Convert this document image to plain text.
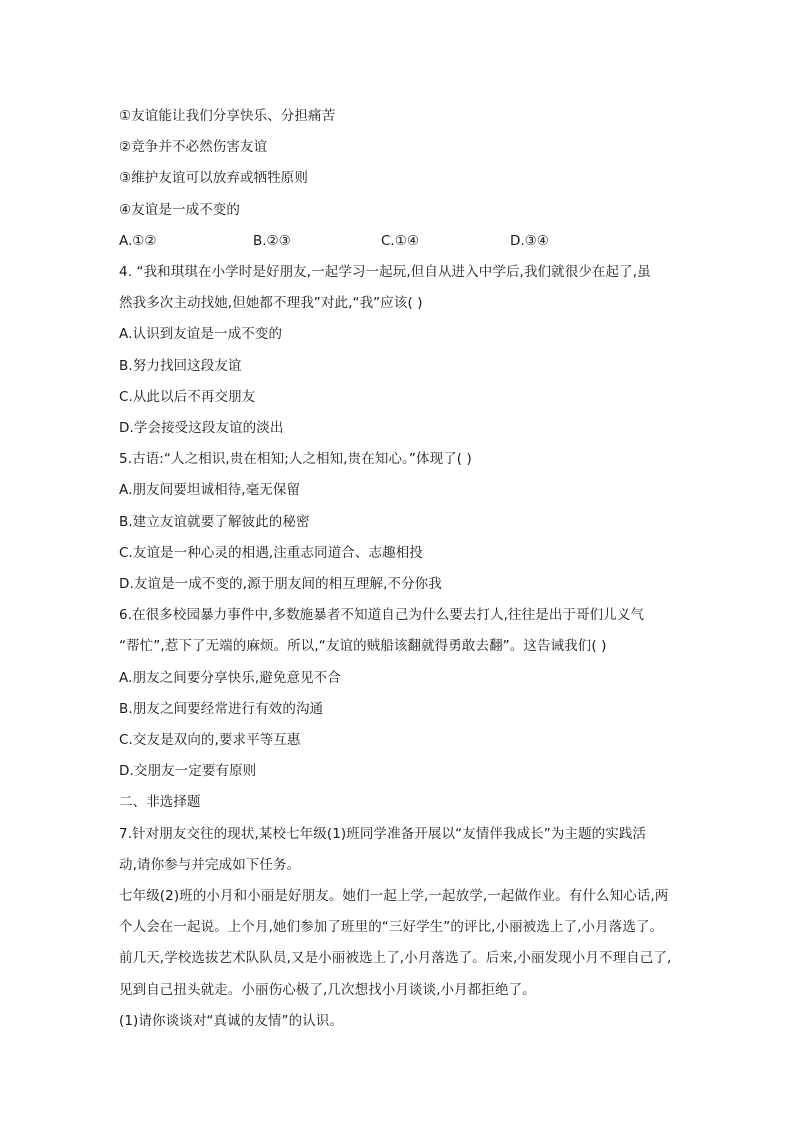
①友谊能让我们分享快乐、分担痛苦
②竞争并不必然伤害友谊
③维护友谊可以放弃或牺牲原则
④友谊是一成不变的
A.①②	B.②③	C.①④	D.③④
4. “我和琪琪在小学时是好朋友,一起学习一起玩,但自从进入中学后,我们就很少在起了,虽
然我多次主动找她,但她都不理我”对此,“我”应该( )
A.认识到友谊是一成不变的
B.努力找回这段友谊
C.从此以后不再交朋友
D.学会接受这段友谊的淡出
5.古语:“人之相识,贵在相知;人之相知,贵在知心。”体现了( )
A.朋友间要坦诚相待,毫无保留
B.建立友谊就要了解彼此的秘密
C.友谊是一种心灵的相遇,注重志同道合、志趣相投
D.友谊是一成不变的,源于朋友间的相互理解,不分你我
6.在很多校园暴力事件中,多数施暴者不知道自己为什么要去打人,往往是出于哥们儿义气
“帮忙”,惹下了无端的麻烦。所以,“友谊的贼船该翻就得勇敢去翻”。这告诫我们( )
A.朋友之间要分享快乐,避免意见不合
B.朋友之间要经常进行有效的沟通
C.交友是双向的,要求平等互惠
D.交朋友一定要有原则
二、非选择题
7.针对朋友交往的现状,某校七年级(1)班同学准备开展以“友情伴我成长”为主题的实践活
动,请你参与并完成如下任务。
七年级(2)班的小月和小丽是好朋友。她们一起上学,一起放学,一起做作业。有什么知心话,两
个人会在一起说。上个月,她们参加了班里的“三好学生”的评比,小丽被选上了,小月落选了。
前几天,学校选拔艺术队队员,又是小丽被选上了,小月落选了。后来,小丽发现小月不理自己了,
见到自己扭头就走。小丽伤心极了,几次想找小月谈谈,小月都拒绝了。
(1)请你谈谈对“真诚的友情”的认识。
